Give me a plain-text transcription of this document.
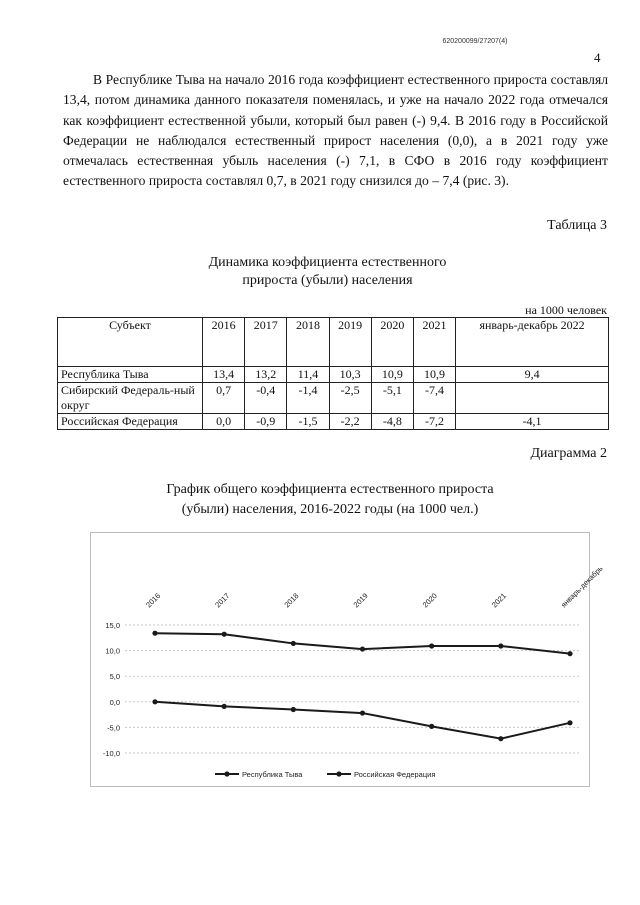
620200099/27207(4)
4

В Республике Тыва на начало 2016 года коэффициент естественного прироста составлял 13,4, потом динамика данного показателя поменялась, и уже на начало 2022 года отмечался как коэффициент естественной убыли, который был равен (-) 9,4. В 2016 году в Российской Федерации не наблюдался естественный прирост населения (0,0), а в 2021 году уже отмечалась естественная убыль населения (-) 7,1, в СФО в 2016 году коэффициент естественного прироста составлял 0,7, в 2021 году снизился до – 7,4 (рис. 3).

Таблица 3
Динамика коэффициента естественного
прироста (убыли) населения
на 1000 человек
Субъект	2016	2017	2018	2019	2020	2021	январь-декабрь 2022
Республика Тыва	13,4	13,2	11,4	10,3	10,9	10,9	9,4
Сибирский Федераль-ный округ	0,7	-0,4	-1,4	-2,5	-5,1	-7,4	
Российская Федерация	0,0	-0,9	-1,5	-2,2	-4,8	-7,2	-4,1
Диаграмма 2
График общего коэффициента естественного прироста
(убыли) населения, 2016-2022 годы (на 1000 чел.)
15,0
10,0
5,0
0,0
-5,0
-10,0
2016	2017	2018	2019	2020	2021	январь-декабрь
Республика Тыва	Российская Федерация
